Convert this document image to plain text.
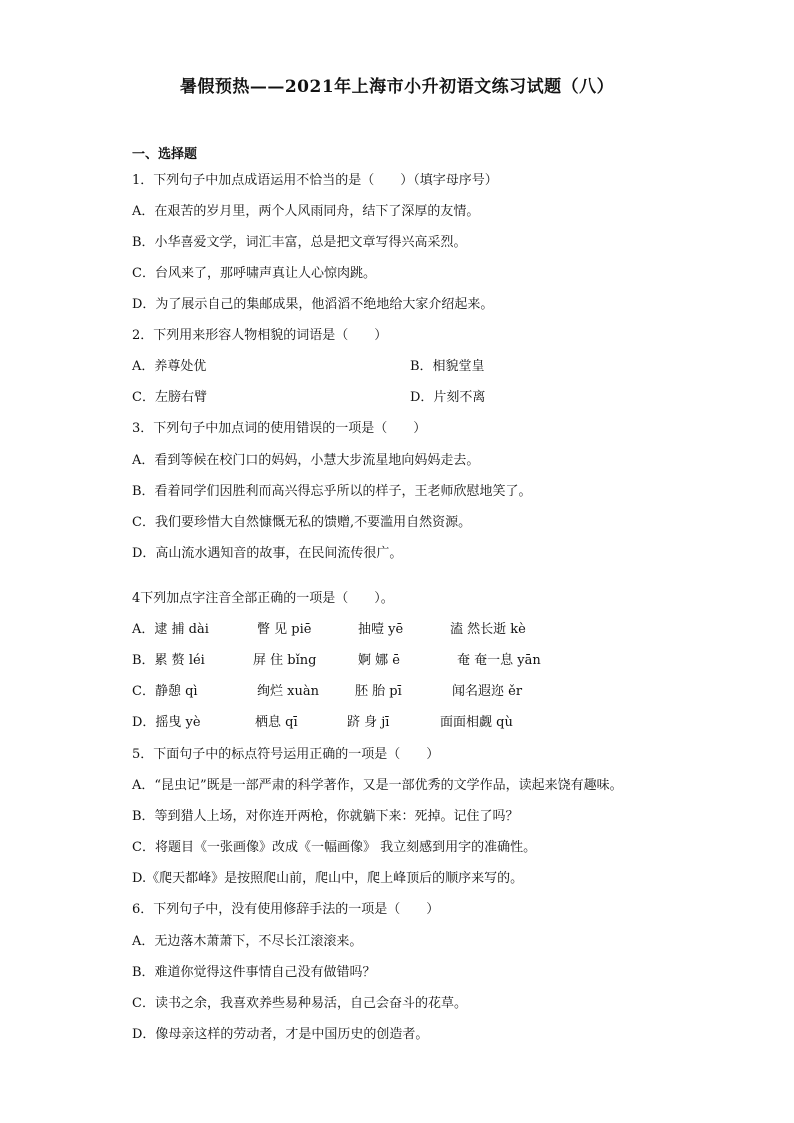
暑假预热——2021年上海市小升初语文练习试题（八）
一、选择题
1．下列句子中加点成语运用不恰当的是（　　）（填字母序号）
A．在艰苦的岁月里，两个人风雨同舟，结下了深厚的友情。
B．小华喜爱文学，词汇丰富，总是把文章写得兴高采烈。
C．台风来了，那呼啸声真让人心惊肉跳。
D．为了展示自己的集邮成果，他滔滔不绝地给大家介绍起来。
2．下列用来形容人物相貌的词语是（　　）
A．养尊处优	B．相貌堂皇
C．左膀右臂	D．片刻不离
3．下列句子中加点词的使用错误的一项是（　　）
A．看到等候在校门口的妈妈，小慧大步流星地向妈妈走去。
B．看着同学们因胜利而高兴得忘乎所以的样子，王老师欣慰地笑了。
C．我们要珍惜大自然慷慨无私的馈赠,不要滥用自然资源。
D．高山流水遇知音的故事，在民间流传很广。
4下列加点字注音全部正确的一项是（　　）。
A．逮 捕 dài	瞥 见 piē	抽噎 yē	溘 然长逝 kè
B．累 赘 léi	屏 住 bǐng	婀 娜 ē	奄 奄一息 yān
C．静憩 qì	绚烂 xuàn	胚 胎 pī	闻名遐迩 ěr
D．摇曳 yè	栖息 qī	跻 身 jī	面面相觑 qù
5．下面句子中的标点符号运用正确的一项是（　　）
A．“昆虫记”既是一部严肃的科学著作，又是一部优秀的文学作品，读起来饶有趣味。
B．等到猎人上场，对你连开两枪，你就躺下来：死掉。记住了吗？
C．将题目《一张画像》改成《一幅画像》 我立刻感到用字的准确性。
D.《爬天都峰》是按照爬山前，爬山中，爬上峰顶后的顺序来写的。
6．下列句子中，没有使用修辞手法的一项是（　　）
A．无边落木萧萧下，不尽长江滚滚来。
B．难道你觉得这件事情自己没有做错吗？
C．读书之余，我喜欢养些易种易活，自己会奋斗的花草。
D．像母亲这样的劳动者，才是中国历史的创造者。
